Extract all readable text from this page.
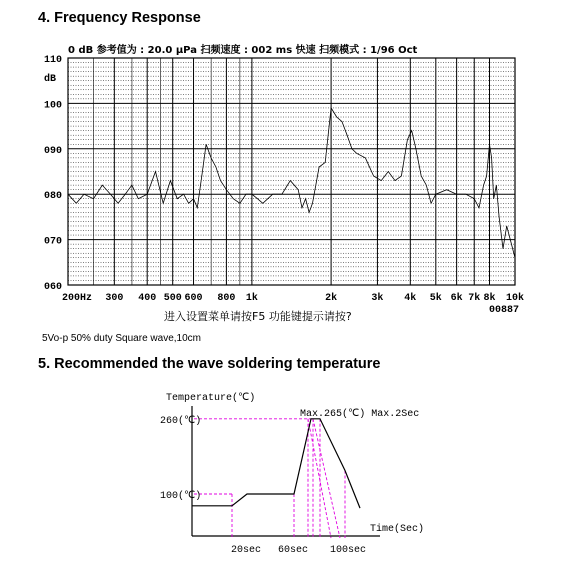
4. Frequency Response
0 dB 参考值为 : 20.0 μPa 扫频速度 : 002 ms 快速 扫频模式 : 1/96 Oct
dB
110
100
090
080
070
060
200Hz 300 400 500 600 800 1k	2k	3k 4k 5k 6k 7k 8k 10k
进入设置菜单请按F5 功能键提示请按?	00887
5Vo-p 50% duty Square wave,10cm
5. Recommended the wave soldering temperature
Temperature(℃)
260(℃)
100(℃)
20sec 60sec 100sec
Max.265(℃) Max.2Sec
Time(Sec)
